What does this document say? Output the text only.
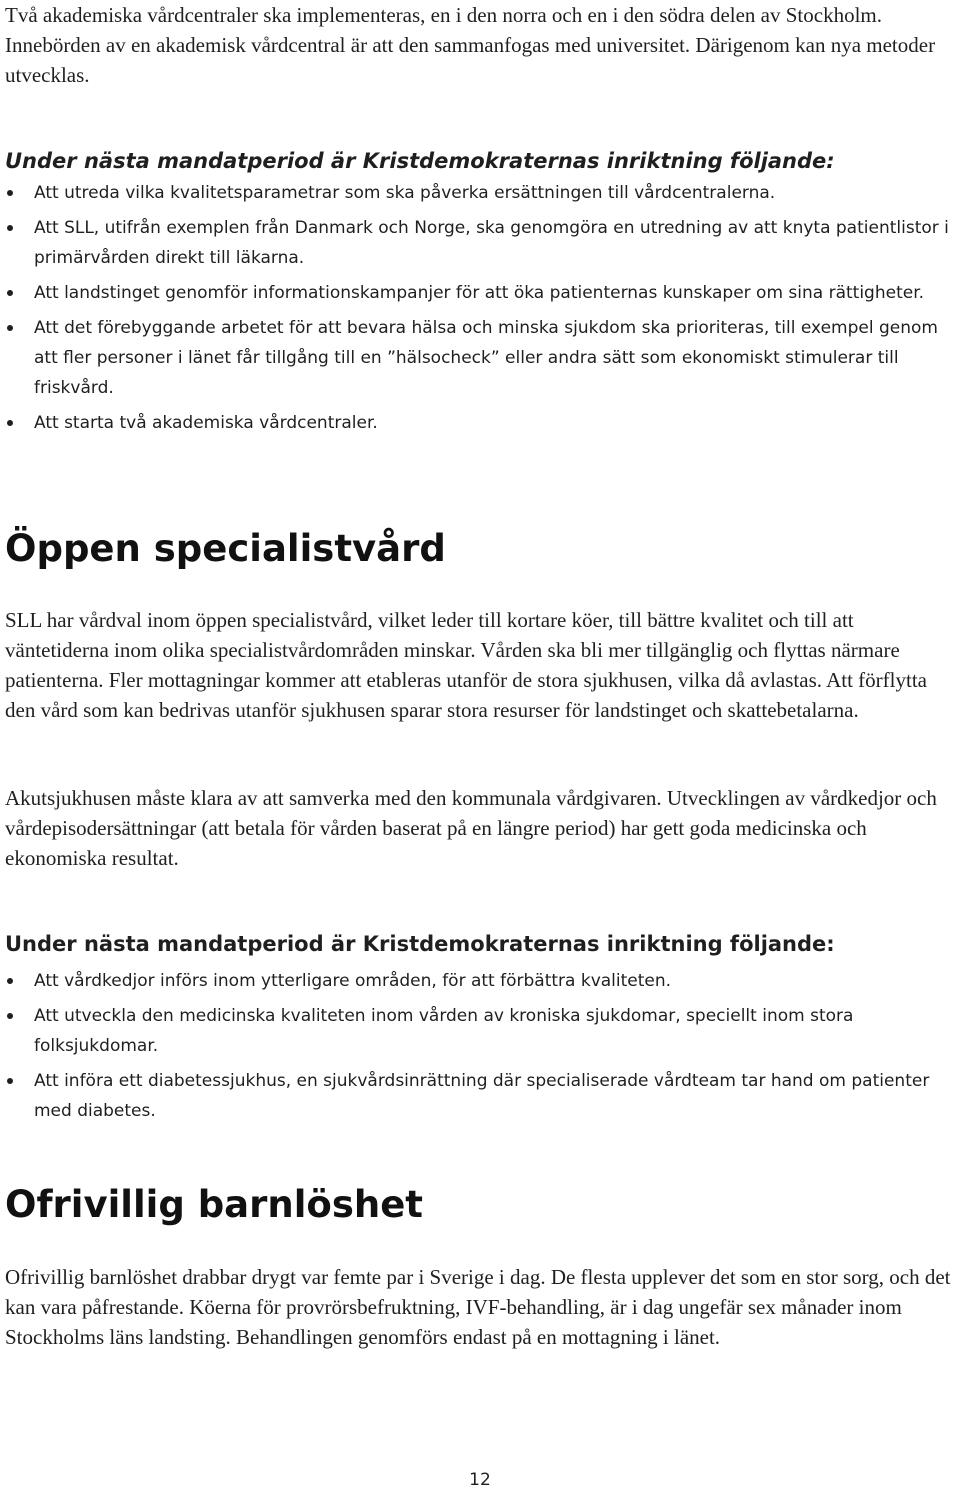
Två akademiska vårdcentraler ska implementeras, en i den norra och en i den södra delen av Stockholm. Innebörden av en akademisk vårdcentral är att den sammanfogas med universitet. Därigenom kan nya metoder utvecklas.

Under nästa mandatperiod är Kristdemokraternas inriktning följande:
Att utreda vilka kvalitetsparametrar som ska påverka ersättningen till vårdcentralerna.
Att SLL, utifrån exemplen från Danmark och Norge, ska genomgöra en utredning av att knyta patientlistor i primärvården direkt till läkarna.
Att landstinget genomför informationskampanjer för att öka patienternas kunskaper om sina rättigheter.
Att det förebyggande arbetet för att bevara hälsa och minska sjukdom ska prioriteras, till exempel genom att fler personer i länet får tillgång till en ”hälsocheck” eller andra sätt som ekonomiskt stimulerar till friskvård.
Att starta två akademiska vårdcentraler.
Öppen specialistvård

SLL har vårdval inom öppen specialistvård, vilket leder till kortare köer, till bättre kvalitet och till att väntetiderna inom olika specialistvårdområden minskar. Vården ska bli mer tillgänglig och flyttas närmare patienterna. Fler mottagningar kommer att etableras utanför de stora sjukhusen, vilka då avlastas. Att förflytta den vård som kan bedrivas utanför sjukhusen sparar stora resurser för landstinget och skattebetalarna.

Akutsjukhusen måste klara av att samverka med den kommunala vårdgivaren. Utvecklingen av vårdkedjor och vårdepisodersättningar (att betala för vården baserat på en längre period) har gett goda medicinska och ekonomiska resultat.

Under nästa mandatperiod är Kristdemokraternas inriktning följande:
Att vårdkedjor införs inom ytterligare områden, för att förbättra kvaliteten.
Att utveckla den medicinska kvaliteten inom vården av kroniska sjukdomar, speciellt inom stora folksjukdomar.
Att införa ett diabetessjukhus, en sjukvårdsinrättning där specialiserade vårdteam tar hand om patienter med diabetes.
Ofrivillig barnlöshet

Ofrivillig barnlöshet drabbar drygt var femte par i Sverige i dag. De flesta upplever det som en stor sorg, och det kan vara påfrestande. Köerna för provrörsbefruktning, IVF-behandling, är i dag ungefär sex månader inom Stockholms läns landsting. Behandlingen genomförs endast på en mottagning i länet.

12
